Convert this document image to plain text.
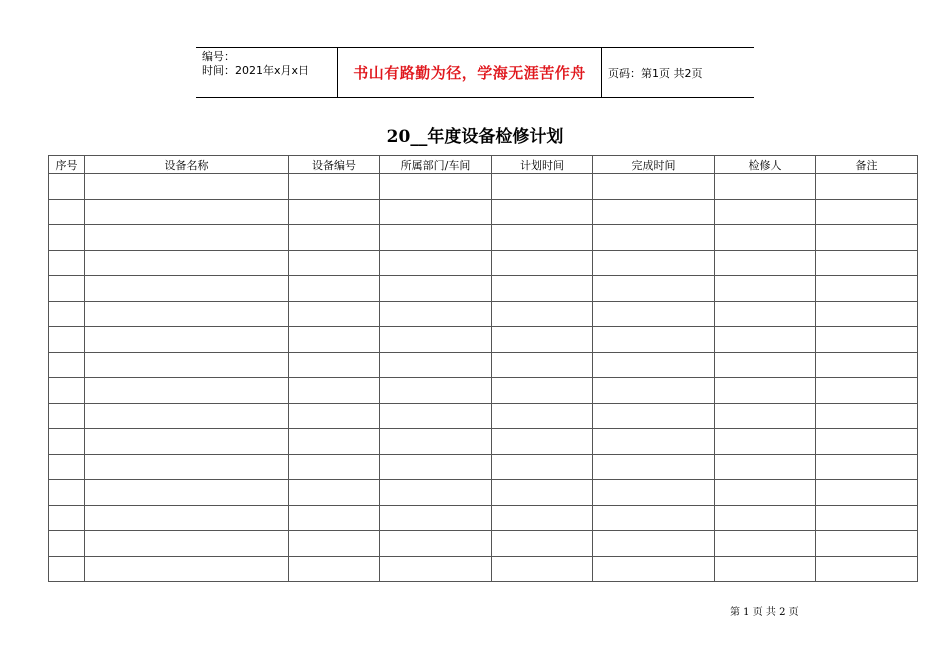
编号：
时间：2021年x月x日	书山有路勤为径，学海无涯苦作舟	页码：第1页 共2页
20__年度设备检修计划
序号	设备名称	设备编号	所属部门/车间	计划时间	完成时间	检修人	备注

第 1 页 共 2 页
